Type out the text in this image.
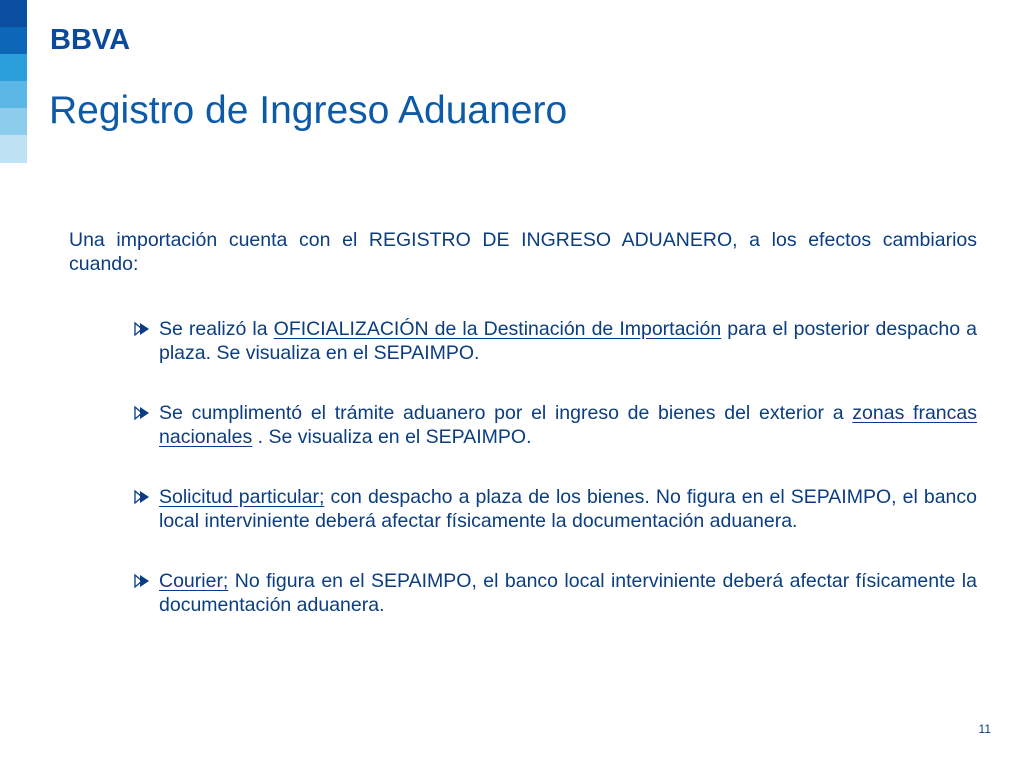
BBVA
Registro de Ingreso Aduanero

Una importación cuenta con el REGISTRO DE INGRESO ADUANERO, a los efectos cambiarios cuando:

Se realizó la OFICIALIZACIÓN de la Destinación de Importación para el posterior despacho a plaza. Se visualiza en el SEPAIMPO.
Se cumplimentó el trámite aduanero por el ingreso de bienes del exterior a zonas francas nacionales . Se visualiza en el SEPAIMPO.
Solicitud particular; con despacho a plaza de los bienes. No figura en el SEPAIMPO, el banco local interviniente deberá afectar físicamente la documentación aduanera.
Courier; No figura en el SEPAIMPO, el banco local interviniente deberá afectar físicamente la documentación aduanera.
11
